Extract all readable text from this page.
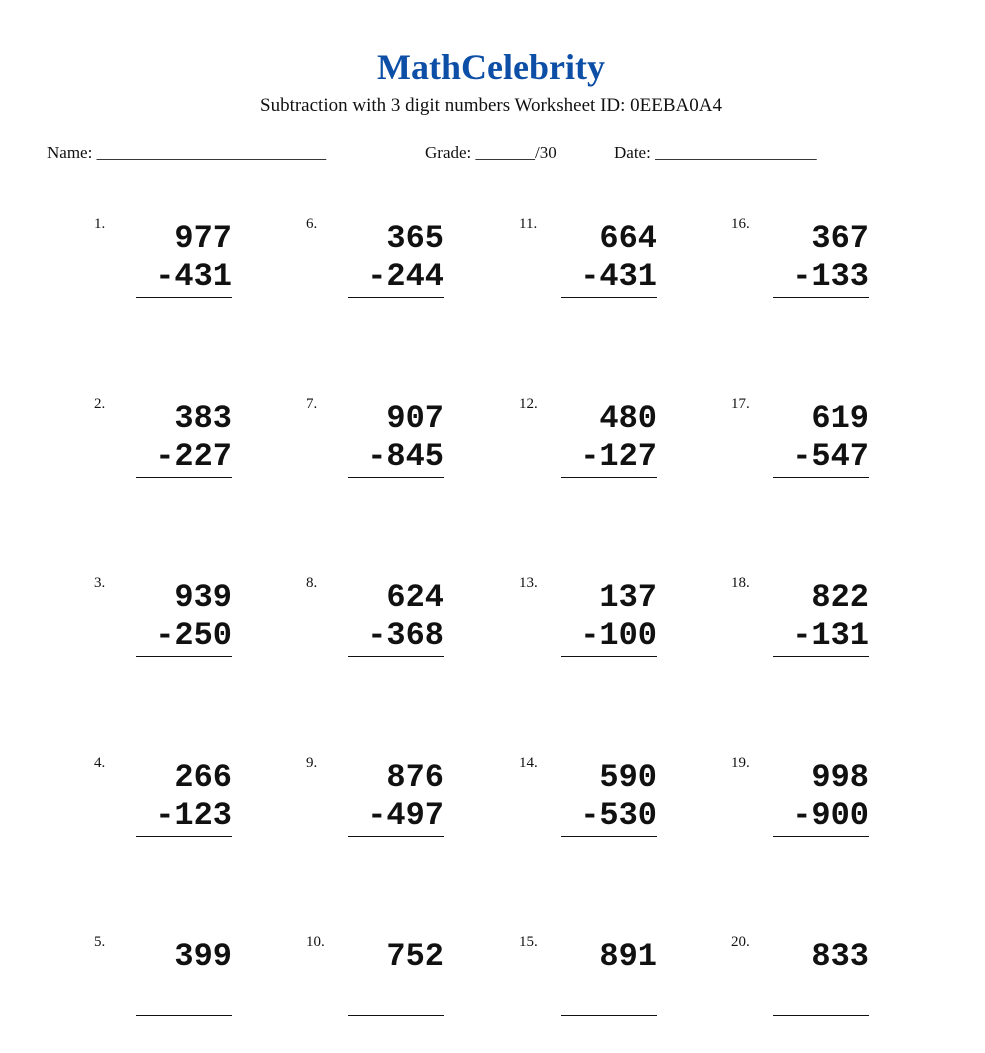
MathCelebrity
Subtraction with 3 digit numbers Worksheet ID: 0EEBA0A4
Name: ___________________________	Grade: _______/30	Date: ___________________
1.	977
-431
2.	383
-227
3.	939
-250
4.	266
-123
5.	399
6.	365
-244
7.	907
-845
8.	624
-368
9.	876
-497
10.	752
11.	664
-431
12.	480
-127
13.	137
-100
14.	590
-530
15.	891
16.	367
-133
17.	619
-547
18.	822
-131
19.	998
-900
20.	833
